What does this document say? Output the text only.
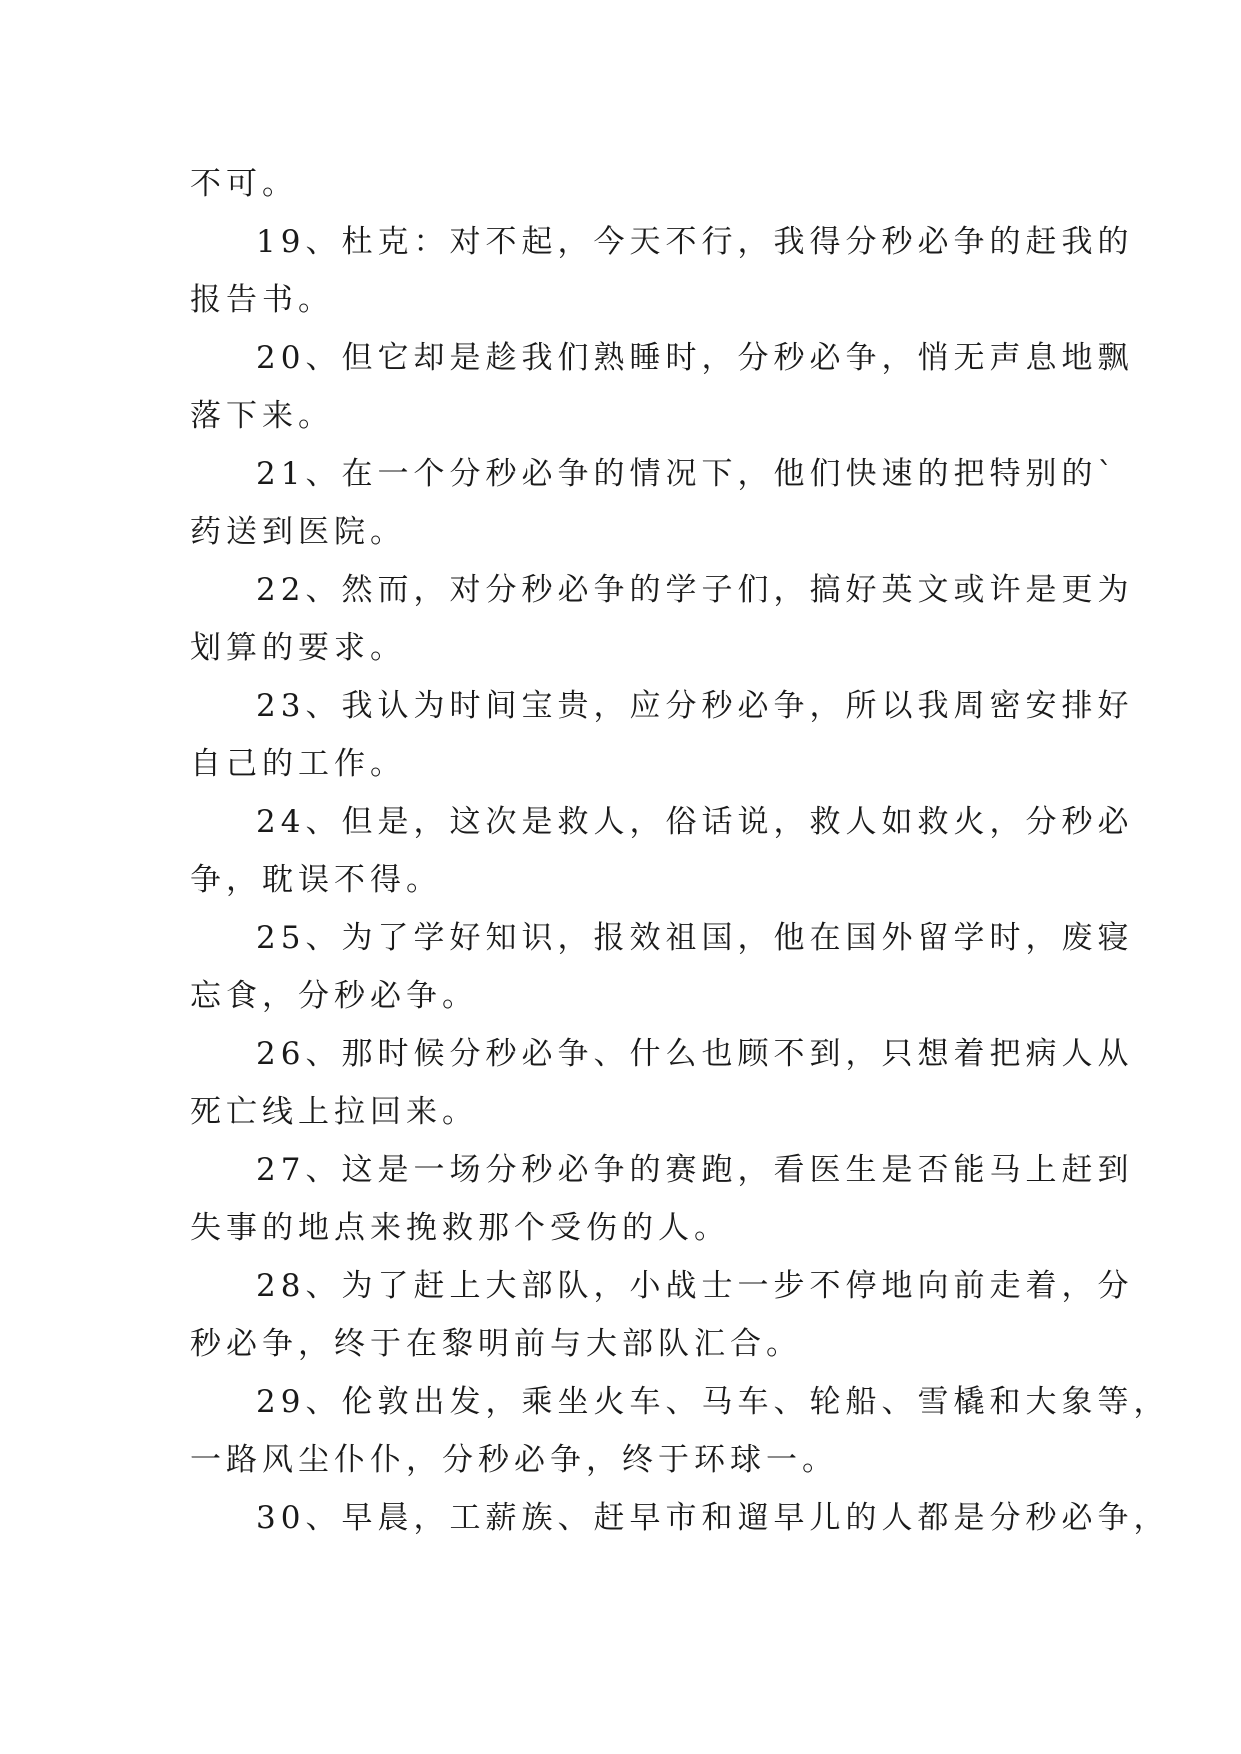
不可。
19、杜克：对不起，今天不行，我得分秒必争的赶我的
报告书。
20、但它却是趁我们熟睡时，分秒必争，悄无声息地飘
落下来。
21、在一个分秒必争的情况下，他们快速的把特别的`
药送到医院。
22、然而，对分秒必争的学子们，搞好英文或许是更为
划算的要求。
23、我认为时间宝贵，应分秒必争，所以我周密安排好
自己的工作。
24、但是，这次是救人，俗话说，救人如救火，分秒必
争，耽误不得。
25、为了学好知识，报效祖国，他在国外留学时，废寝
忘食，分秒必争。
26、那时候分秒必争、什么也顾不到，只想着把病人从
死亡线上拉回来。
27、这是一场分秒必争的赛跑，看医生是否能马上赶到
失事的地点来挽救那个受伤的人。
28、为了赶上大部队，小战士一步不停地向前走着，分
秒必争，终于在黎明前与大部队汇合。
29、伦敦出发，乘坐火车、马车、轮船、雪橇和大象等，
一路风尘仆仆，分秒必争，终于环球一。
30、早晨，工薪族、赶早市和遛早儿的人都是分秒必争，
